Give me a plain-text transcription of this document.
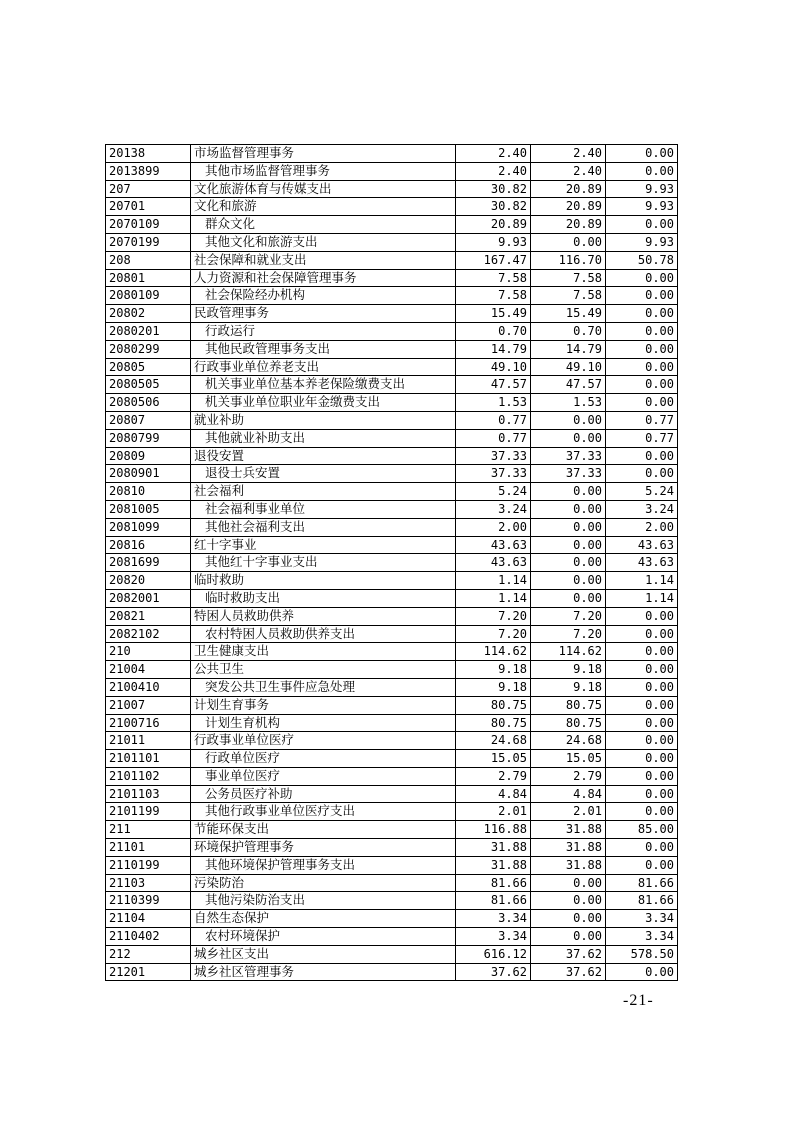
20138	市场监督管理事务	2.40	2.40	0.00
2013899	其他市场监督管理事务	2.40	2.40	0.00
207	文化旅游体育与传媒支出	30.82	20.89	9.93
20701	文化和旅游	30.82	20.89	9.93
2070109	群众文化	20.89	20.89	0.00
2070199	其他文化和旅游支出	9.93	0.00	9.93
208	社会保障和就业支出	167.47	116.70	50.78
20801	人力资源和社会保障管理事务	7.58	7.58	0.00
2080109	社会保险经办机构	7.58	7.58	0.00
20802	民政管理事务	15.49	15.49	0.00
2080201	行政运行	0.70	0.70	0.00
2080299	其他民政管理事务支出	14.79	14.79	0.00
20805	行政事业单位养老支出	49.10	49.10	0.00
2080505	机关事业单位基本养老保险缴费支出	47.57	47.57	0.00
2080506	机关事业单位职业年金缴费支出	1.53	1.53	0.00
20807	就业补助	0.77	0.00	0.77
2080799	其他就业补助支出	0.77	0.00	0.77
20809	退役安置	37.33	37.33	0.00
2080901	退役士兵安置	37.33	37.33	0.00
20810	社会福利	5.24	0.00	5.24
2081005	社会福利事业单位	3.24	0.00	3.24
2081099	其他社会福利支出	2.00	0.00	2.00
20816	红十字事业	43.63	0.00	43.63
2081699	其他红十字事业支出	43.63	0.00	43.63
20820	临时救助	1.14	0.00	1.14
2082001	临时救助支出	1.14	0.00	1.14
20821	特困人员救助供养	7.20	7.20	0.00
2082102	农村特困人员救助供养支出	7.20	7.20	0.00
210	卫生健康支出	114.62	114.62	0.00
21004	公共卫生	9.18	9.18	0.00
2100410	突发公共卫生事件应急处理	9.18	9.18	0.00
21007	计划生育事务	80.75	80.75	0.00
2100716	计划生育机构	80.75	80.75	0.00
21011	行政事业单位医疗	24.68	24.68	0.00
2101101	行政单位医疗	15.05	15.05	0.00
2101102	事业单位医疗	2.79	2.79	0.00
2101103	公务员医疗补助	4.84	4.84	0.00
2101199	其他行政事业单位医疗支出	2.01	2.01	0.00
211	节能环保支出	116.88	31.88	85.00
21101	环境保护管理事务	31.88	31.88	0.00
2110199	其他环境保护管理事务支出	31.88	31.88	0.00
21103	污染防治	81.66	0.00	81.66
2110399	其他污染防治支出	81.66	0.00	81.66
21104	自然生态保护	3.34	0.00	3.34
2110402	农村环境保护	3.34	0.00	3.34
212	城乡社区支出	616.12	37.62	578.50
21201	城乡社区管理事务	37.62	37.62	0.00
-21-
